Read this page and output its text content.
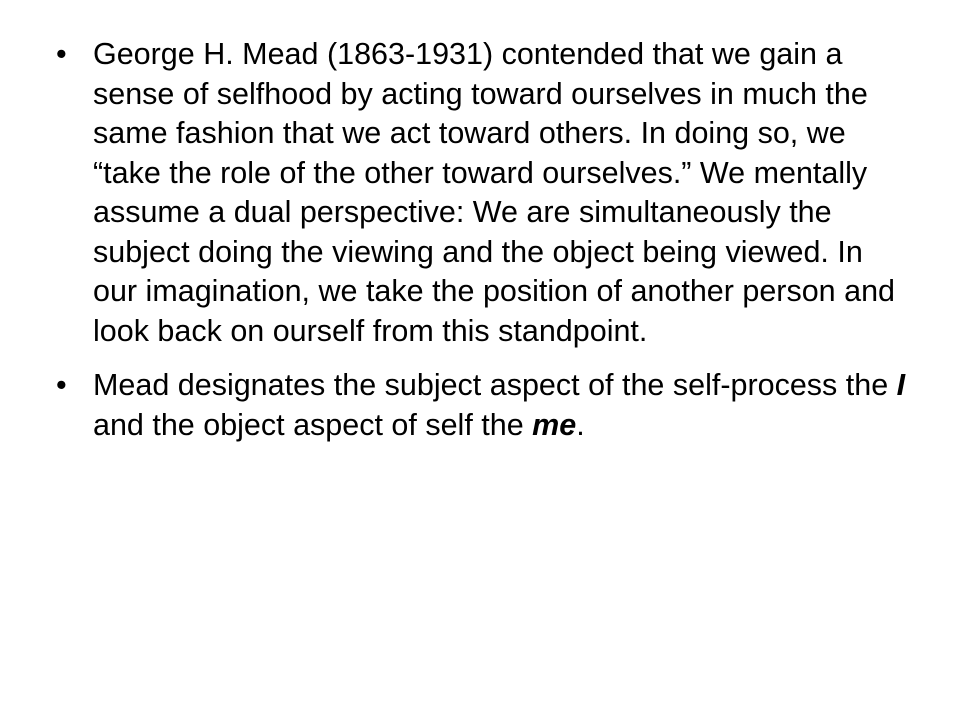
• George H. Mead (1863-1931) contended that we gain a sense of selfhood by acting toward ourselves in much the same fashion that we act toward others. In doing so, we “take the role of the other toward ourselves.” We mentally assume a dual perspective: We are simultaneously the subject doing the viewing and the object being viewed. In our imagination, we take the position of another person and look back on ourself from this standpoint.
• Mead designates the subject aspect of the self-process the I and the object aspect of self the me.
